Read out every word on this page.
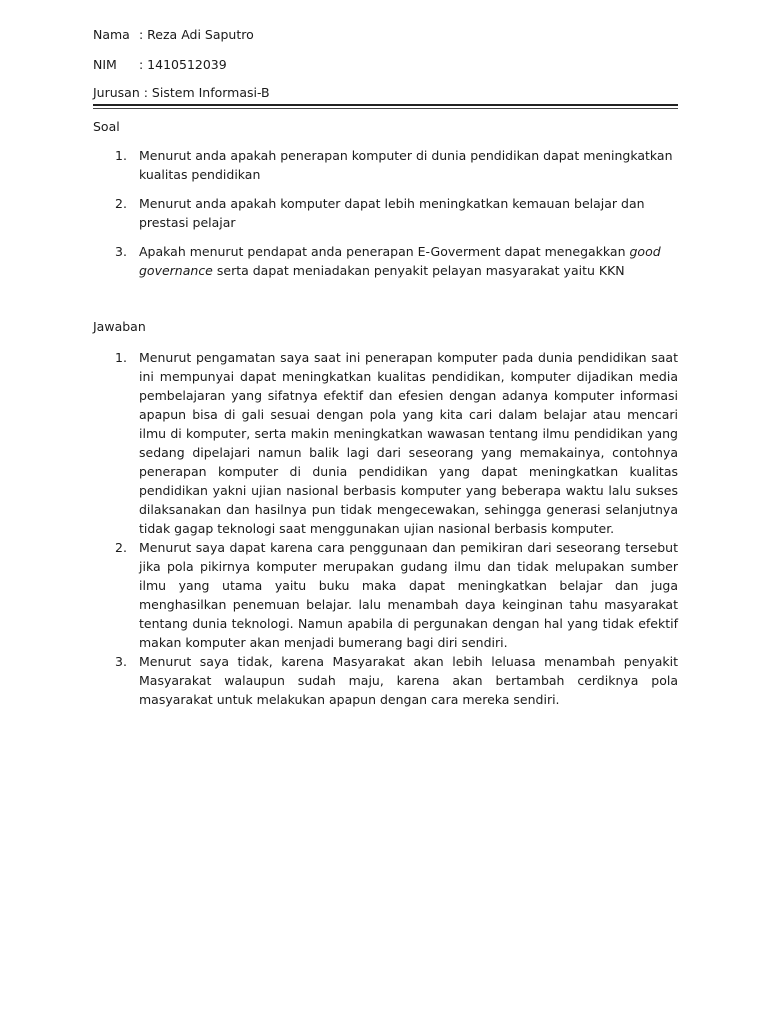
Nama : Reza Adi Saputro
NIM : 1410512039
Jurusan : Sistem Informasi-B
Soal
1. Menurut anda apakah penerapan komputer di dunia pendidikan dapat meningkatkan kualitas pendidikan
2. Menurut anda apakah komputer dapat lebih meningkatkan kemauan belajar dan prestasi pelajar
3. Apakah menurut pendapat anda penerapan E-Goverment dapat menegakkan good governance serta dapat meniadakan penyakit pelayan masyarakat yaitu KKN
Jawaban
1. Menurut pengamatan saya saat ini penerapan komputer pada dunia pendidikan saat ini mempunyai dapat meningkatkan kualitas pendidikan, komputer dijadikan media pembelajaran yang sifatnya efektif dan efesien dengan adanya komputer informasi apapun bisa di gali sesuai dengan pola yang kita cari dalam belajar atau mencari ilmu di komputer, serta makin meningkatkan wawasan tentang ilmu pendidikan yang sedang dipelajari namun balik lagi dari seseorang yang memakainya, contohnya penerapan komputer di dunia pendidikan yang dapat meningkatkan kualitas pendidikan yakni ujian nasional berbasis komputer yang beberapa waktu lalu sukses dilaksanakan dan hasilnya pun tidak mengecewakan, sehingga generasi selanjutnya tidak gagap teknologi saat menggunakan ujian nasional berbasis komputer.
2. Menurut saya dapat karena cara penggunaan dan pemikiran dari seseorang tersebut jika pola pikirnya komputer merupakan gudang ilmu dan tidak melupakan sumber ilmu yang utama yaitu buku maka dapat meningkatkan belajar dan juga menghasilkan penemuan belajar. lalu menambah daya keinginan tahu masyarakat tentang dunia teknologi. Namun apabila di pergunakan dengan hal yang tidak efektif makan komputer akan menjadi bumerang bagi diri sendiri.
3. Menurut saya tidak, karena Masyarakat akan lebih leluasa menambah penyakit Masyarakat walaupun sudah maju, karena akan bertambah cerdiknya pola masyarakat untuk melakukan apapun dengan cara mereka sendiri.
